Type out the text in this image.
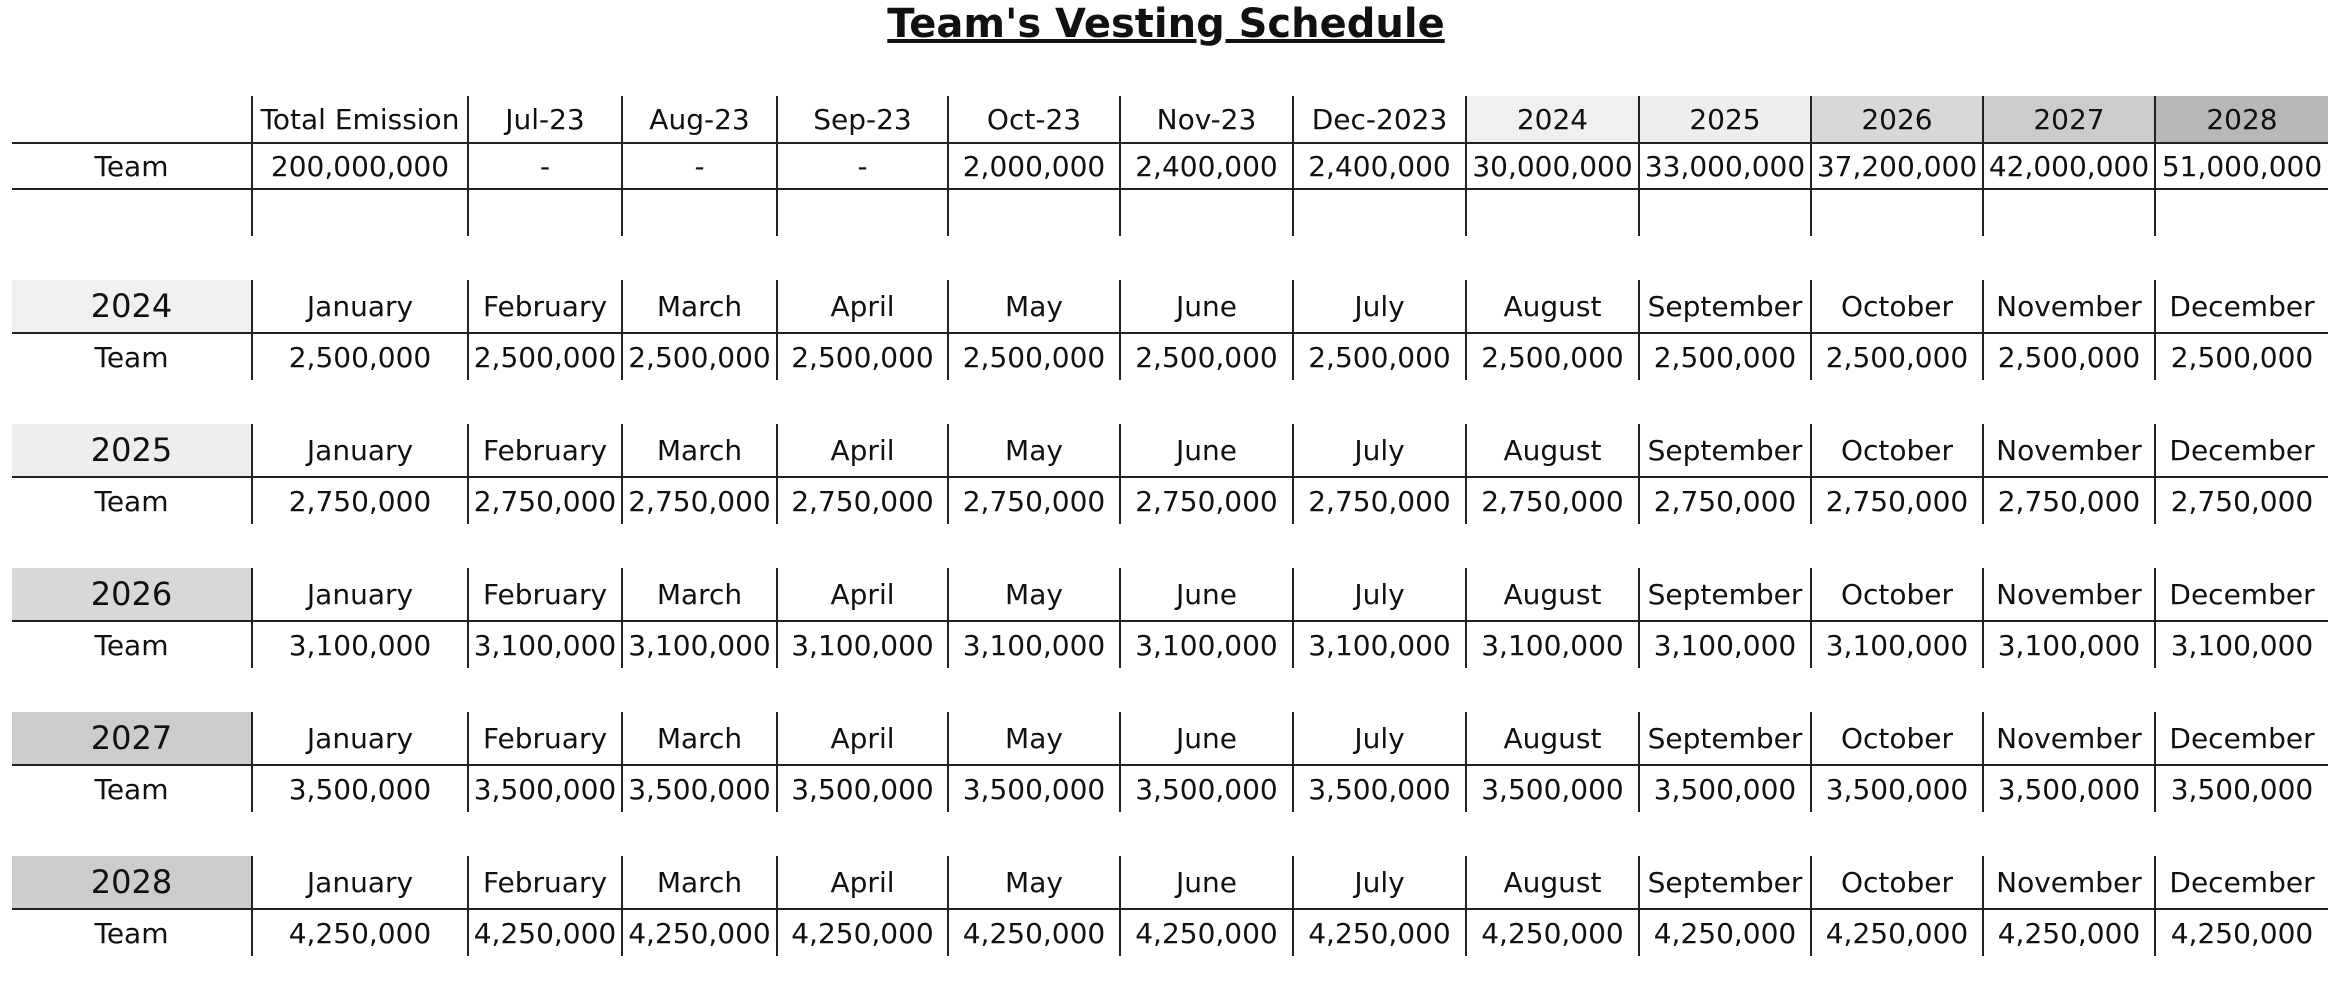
Team's Vesting Schedule
Total Emission	Jul-23	Aug-23	Sep-23	Oct-23	Nov-23	Dec-2023	2024	2025	2026	2027	2028
Team	200,000,000	-	-	-	2,000,000	2,400,000	2,400,000 30,000,000 33,000,000 37,200,000 42,000,000 51,000,000
2024	January	February	March	April	May	June	July	August	September	October	November December
Team	2,500,000	2,500,000 2,500,000 2,500,000	2,500,000	2,500,000	2,500,000	2,500,000	2,500,000	2,500,000	2,500,000	2,500,000
2025	January	February	March	April	May	June	July	August	September	October	November December
Team	2,750,000	2,750,000 2,750,000 2,750,000	2,750,000	2,750,000	2,750,000	2,750,000	2,750,000	2,750,000	2,750,000	2,750,000
2026	January	February	March	April	May	June	July	August	September	October	November December
Team	3,100,000	3,100,000 3,100,000 3,100,000	3,100,000	3,100,000	3,100,000	3,100,000	3,100,000	3,100,000	3,100,000	3,100,000
2027	January	February	March	April	May	June	July	August	September	October	November December
Team	3,500,000	3,500,000 3,500,000 3,500,000	3,500,000	3,500,000	3,500,000	3,500,000	3,500,000	3,500,000	3,500,000	3,500,000
2028	January	February	March	April	May	June	July	August	September	October	November December
Team	4,250,000	4,250,000 4,250,000 4,250,000	4,250,000	4,250,000	4,250,000	4,250,000	4,250,000	4,250,000	4,250,000	4,250,000
